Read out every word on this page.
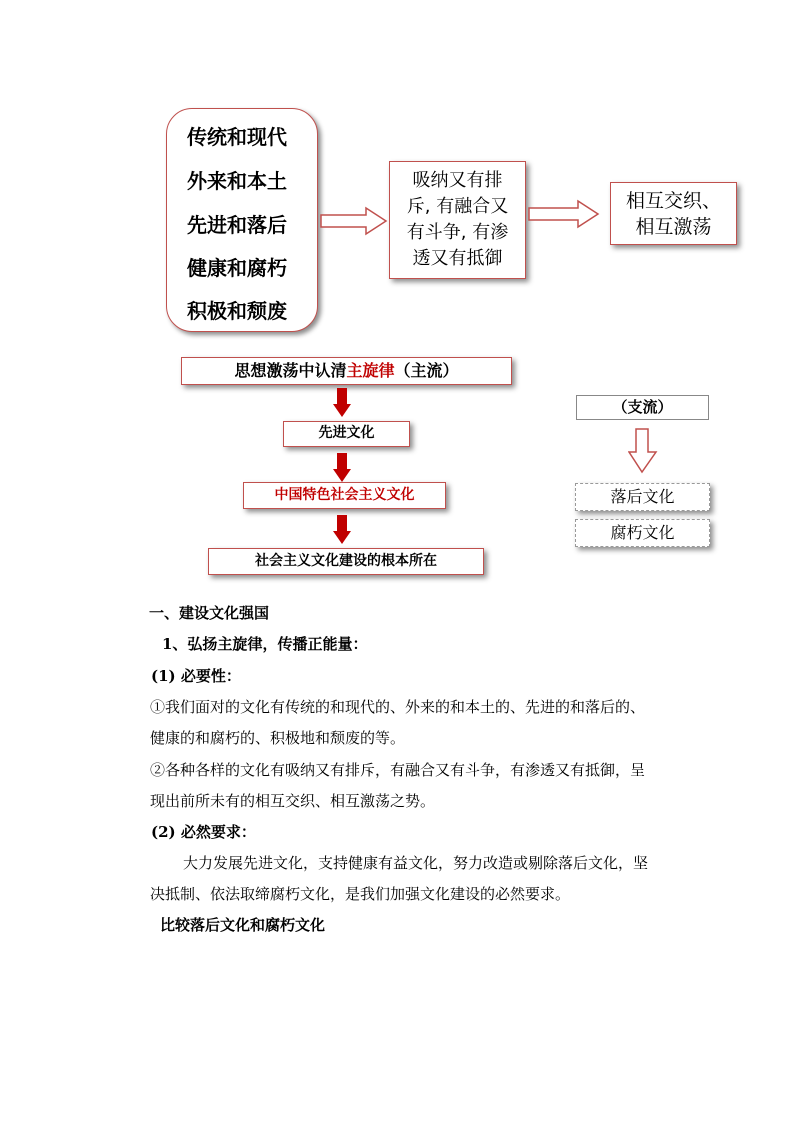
传统和现代
外来和本土
先进和落后
健康和腐朽
积极和颓废
吸纳又有排
斥, 有融合又
有斗争, 有渗
透又有抵御
相互交织、
相互激荡
思想激荡中认清主旋律（主流）
先进文化
中国特色社会主义文化
社会主义文化建设的根本所在
（支流）
落后文化
腐朽文化
一、建设文化强国
1、弘扬主旋律，传播正能量：
(1) 必要性：
①我们面对的文化有传统的和现代的、外来的和本土的、先进的和落后的、
健康的和腐朽的、积极地和颓废的等。
②各种各样的文化有吸纳又有排斥，有融合又有斗争，有渗透又有抵御，呈
现出前所未有的相互交织、相互激荡之势。
(2) 必然要求：
大力发展先进文化，支持健康有益文化，努力改造或剔除落后文化，坚
决抵制、依法取缔腐朽文化，是我们加强文化建设的必然要求。
比较落后文化和腐朽文化
